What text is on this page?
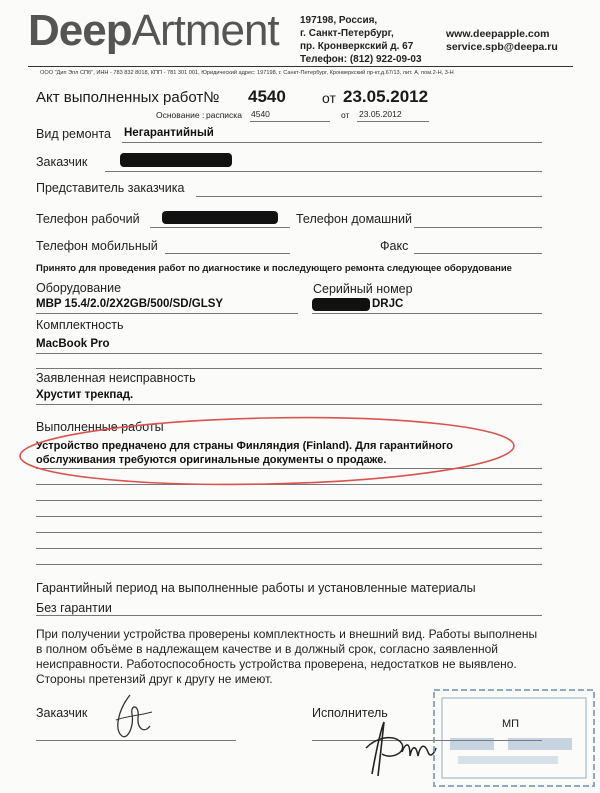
DeepArtment 197198, Россия,
г. Санкт-Петербург,
пр. Кронверкский д. 67
Телефон: (812) 922-09-03
www.deepapple.com
service.spb@deepa.ru
ООО "Дип Эпл СПб", ИНН - 783 832 8018, КПП - 781 301 001, Юридический адрес: 197198, г. Санкт-Петербург, Кронверкский пр-кт,д.67/13, лит. А, пом.2-Н, 3-Н
Акт выполненных работ№ 4540	от 23.05.2012
Основание : расписка 4540	от 23.05.2012
Вид ремонта Негарантийный
Заказчик
Представитель заказчика
Телефон рабочий	Телефон домашний
Телефон мобильный	Факс
Принято для проведения работ по диагностике и последующего ремонта следующее оборудование
Оборудование	Серийный номер
MBP 15.4/2.0/2X2GB/500/SD/GLSY	DRJC
Комплектность
MacBook Pro
Заявленная неисправность
Хрустит трекпад.
Выполненные работы
Устройство предначено для страны Финляндия (Finland). Для гарантийного
обслуживания требуются оригинальные документы о продаже.
Гарантийный период на выполненные работы и установленные материалы
Без гарантии
При получении устройства проверены комплектность и внешний вид. Работы выполнены
в полном объёме в надлежащем качестве и в должный срок, согласно заявленной
неисправности. Работоспособность устройства проверена, недостатков не выявлено.
Стороны претензий друг к другу не имеют.
Заказчик	Исполнитель
МП
